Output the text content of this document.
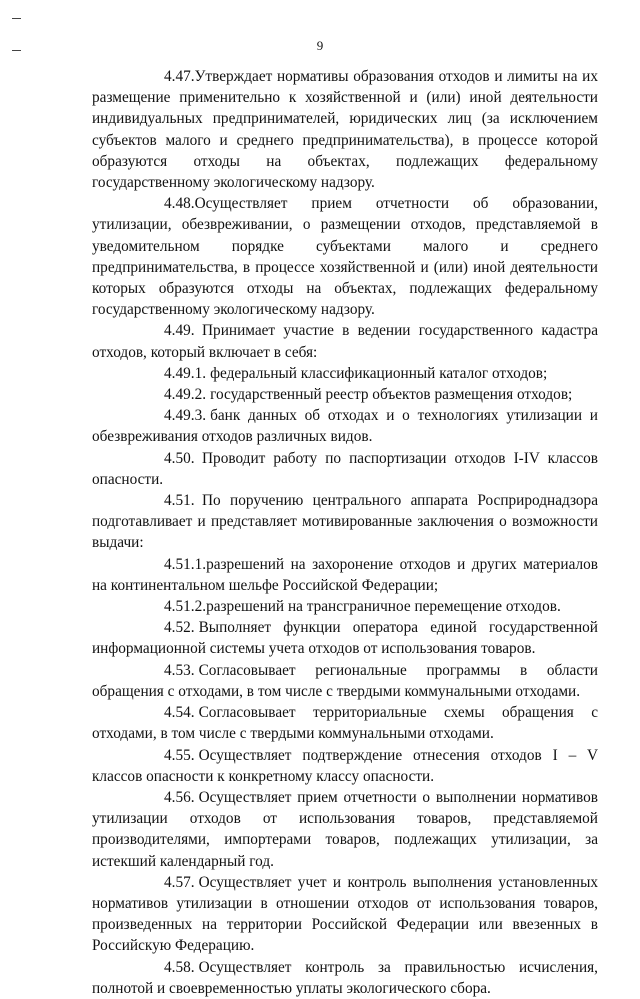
9

4.47.Утверждает нормативы образования отходов и лимиты на их размещение применительно к хозяйственной и (или) иной деятельности индивидуальных предпринимателей, юридических лиц (за исключением субъектов малого и среднего предпринимательства), в процессе которой образуются отходы на объектах, подлежащих федеральному государственному экологическому надзору.

4.48.Осуществляет прием отчетности об образовании, утилизации, обезвреживании, о размещении отходов, представляемой в уведомительном порядке субъектами малого и среднего предпринимательства, в процессе хозяйственной и (или) иной деятельности которых образуются отходы на объектах, подлежащих федеральному государственному экологическому надзору.

4.49. Принимает участие в ведении государственного кадастра отходов, который включает в себя:

4.49.1. федеральный классификационный каталог отходов;

4.49.2. государственный реестр объектов размещения отходов;

4.49.3. банк данных об отходах и о технологиях утилизации и обезвреживания отходов различных видов.

4.50. Проводит работу по паспортизации отходов I-IV классов опасности.

4.51. По поручению центрального аппарата Росприроднадзора подготавливает и представляет мотивированные заключения о возможности выдачи:

4.51.1.разрешений на захоронение отходов и других материалов на континентальном шельфе Российской Федерации;

4.51.2.разрешений на трансграничное перемещение отходов.

4.52. Выполняет функции оператора единой государственной информационной системы учета отходов от использования товаров.

4.53. Согласовывает региональные программы в области обращения с отходами, в том числе с твердыми коммунальными отходами.

4.54. Согласовывает территориальные схемы обращения с отходами, в том числе с твердыми коммунальными отходами.

4.55. Осуществляет подтверждение отнесения отходов I – V классов опасности к конкретному классу опасности.

4.56. Осуществляет прием отчетности о выполнении нормативов утилизации отходов от использования товаров, представляемой производителями, импортерами товаров, подлежащих утилизации, за истекший календарный год.

4.57. Осуществляет учет и контроль выполнения установленных нормативов утилизации в отношении отходов от использования товаров, произведенных на территории Российской Федерации или ввезенных в Российскую Федерацию.

4.58. Осуществляет контроль за правильностью исчисления, полнотой и своевременностью уплаты экологического сбора.
